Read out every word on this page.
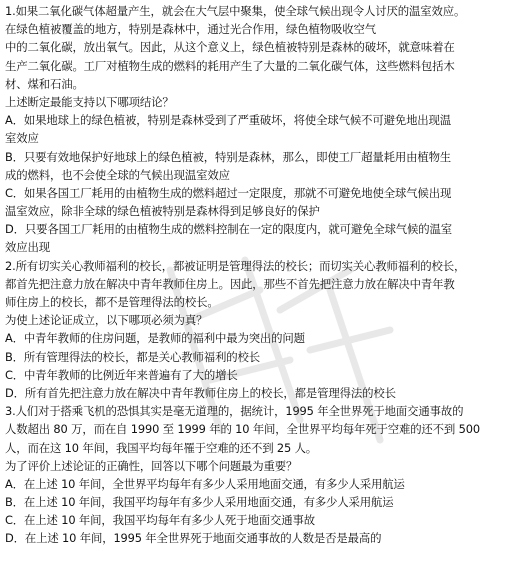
1.如果二氧化碳气体超量产生，就会在大气层中聚集，使全球气候出现令人讨厌的温室效应。
在绿色植被覆盖的地方，特别是森林中，通过光合作用，绿色植物吸收空气
中的二氧化碳，放出氧气。因此，从这个意义上，绿色植被特别是森林的破坏，就意味着在
生产二氧化碳。工厂对植物生成的燃料的耗用产生了大量的二氧化碳气体，这些燃料包括木
材、煤和石油。
上述断定最能支持以下哪项结论？
A．如果地球上的绿色植被，特别是森林受到了严重破坏，将使全球气候不可避免地出现温
室效应
B．只要有效地保护好地球上的绿色植被，特别是森林，那么，即使工厂超量耗用由植物生
成的燃料，也不会使全球的气候出现温室效应
C．如果各国工厂耗用的由植物生成的燃料超过一定限度，那就不可避免地使全球气候出现
温室效应，除非全球的绿色植被特别是森林得到足够良好的保护
D．只要各国工厂耗用的由植物生成的燃料控制在一定的限度内，就可避免全球气候的温室
效应出现
2.所有切实关心教师福利的校长，都被证明是管理得法的校长；而切实关心教师福利的校长，
都首先把注意力放在解决中青年教师住房上。因此，那些不首先把注意力放在解决中青年教
师住房上的校长，都不是管理得法的校长。
为使上述论证成立，以下哪项必须为真？
A．中青年教师的住房问题，是教师的福利中最为突出的问题
B．所有管理得法的校长，都是关心教师福利的校长
C．中青年教师的比例近年来普遍有了大的增长
D．所有首先把注意力放在解决中青年教师住房上的校长，都是管理得法的校长
3.人们对于搭乘飞机的恐惧其实是毫无道理的，据统计，1995 年全世界死于地面交通事故的
人数超出 80 万，而在自 1990 至 1999 年的 10 年间，全世界平均每年死于空难的还不到 500
人，而在这 10 年间，我国平均每年罹于空难的还不到 25 人。
为了评价上述论证的正确性，回答以下哪个问题最为重要？
A．在上述 10 年间，全世界平均每年有多少人采用地面交通，有多少人采用航运
B．在上述 10 年间，我国平均每年有多少人采用地面交通，有多少人采用航运
C．在上述 10 年间，我国平均每年有多少人死于地面交通事故
D．在上述 10 年间，1995 年全世界死于地面交通事故的人数是否是最高的
